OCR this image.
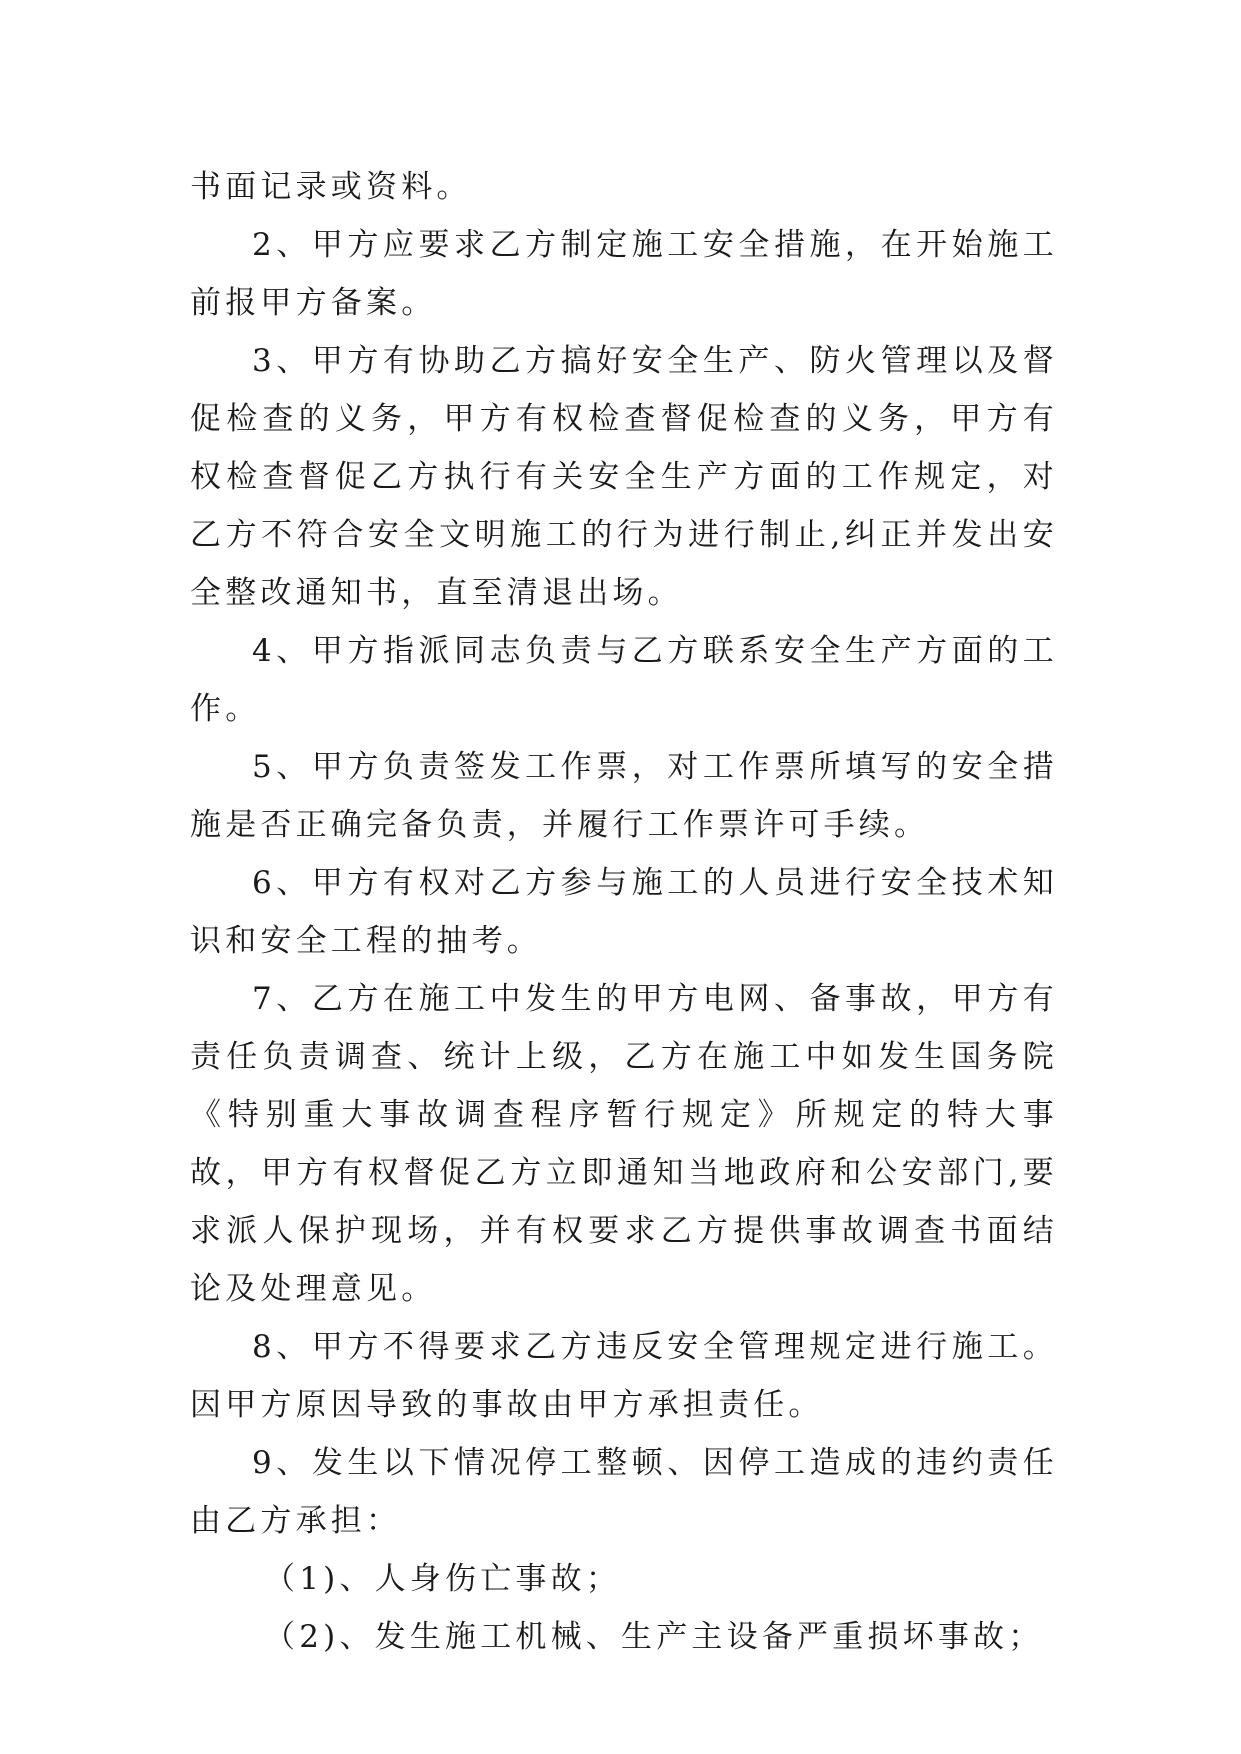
书面记录或资料。

2、甲方应要求乙方制定施工安全措施，在开始施工前报甲方备案。

3、甲方有协助乙方搞好安全生产、防火管理以及督促检查的义务，甲方有权检查督促检查的义务，甲方有权检查督促乙方执行有关安全生产方面的工作规定，对乙方不符合安全文明施工的行为进行制止,纠正并发出安全整改通知书，直至清退出场。

4、甲方指派同志负责与乙方联系安全生产方面的工作。

5、甲方负责签发工作票，对工作票所填写的安全措施是否正确完备负责，并履行工作票许可手续。

6、甲方有权对乙方参与施工的人员进行安全技术知识和安全工程的抽考。

7、乙方在施工中发生的甲方电网、备事故，甲方有责任负责调查、统计上级，乙方在施工中如发生国务院《特别重大事故调查程序暂行规定》所规定的特大事故，甲方有权督促乙方立即通知当地政府和公安部门,要求派人保护现场，并有权要求乙方提供事故调查书面结论及处理意见。

8、甲方不得要求乙方违反安全管理规定进行施工。因甲方原因导致的事故由甲方承担责任。

9、发生以下情况停工整顿、因停工造成的违约责任由乙方承担：

（1)、人身伤亡事故；

（2)、发生施工机械、生产主设备严重损坏事故；
